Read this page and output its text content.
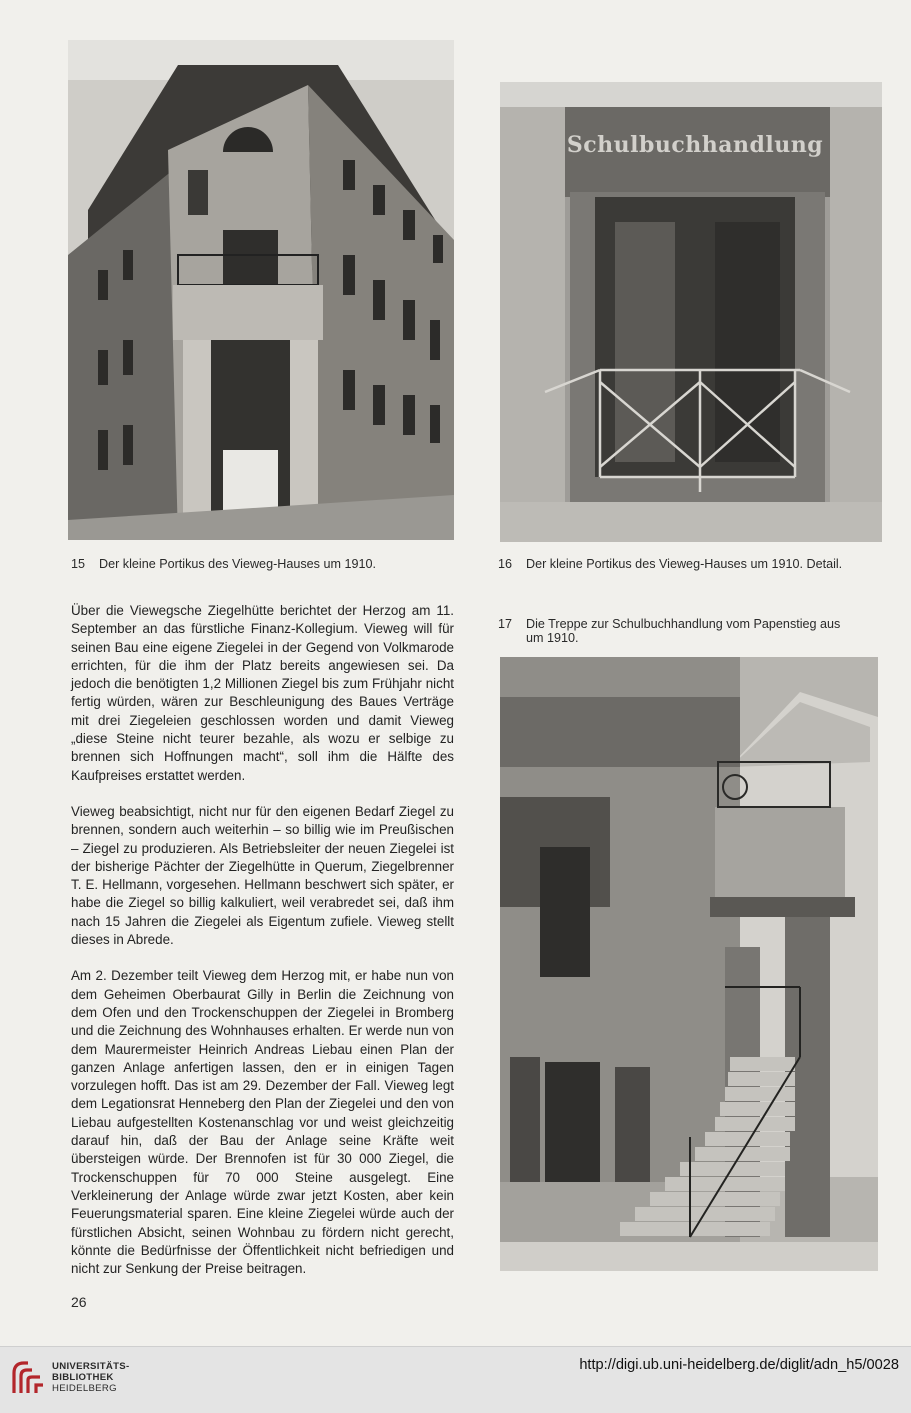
Schulbuchhandlung
15	Der kleine Portikus des Vieweg-Hauses um 1910.	16	Der kleine Portikus des Vieweg-Hauses um 1910. Detail.
17	Die Treppe zur Schulbuchhandlung vom Papenstieg aus um 1910.

Über die Viewegsche Ziegelhütte berichtet der Herzog am 11. September an das fürstliche Finanz-Kollegium. Vieweg will für seinen Bau eine eigene Ziegelei in der Gegend von Volkmarode errichten, für die ihm der Platz bereits angewiesen sei. Da jedoch die benötigten 1,2 Millionen Ziegel bis zum Frühjahr nicht fertig würden, wären zur Beschleunigung des Baues Verträge mit drei Ziegeleien geschlossen worden und damit Vieweg „diese Steine nicht teurer bezahle, als wozu er selbige zu brennen sich Hoffnungen macht“, soll ihm die Hälfte des Kaufpreises erstattet werden.

Vieweg beabsichtigt, nicht nur für den eigenen Bedarf Ziegel zu brennen, sondern auch weiterhin – so billig wie im Preußischen – Ziegel zu produzieren. Als Betriebsleiter der neuen Ziegelei ist der bisherige Pächter der Ziegelhütte in Querum, Ziegelbrenner T. E. Hellmann, vorgesehen. Hellmann beschwert sich später, er habe die Ziegel so billig kalkuliert, weil verabredet sei, daß ihm nach 15 Jahren die Ziegelei als Eigentum zufiele. Vieweg stellt dieses in Abrede.

Am 2. Dezember teilt Vieweg dem Herzog mit, er habe nun von dem Geheimen Oberbaurat Gilly in Berlin die Zeichnung von dem Ofen und den Trockenschuppen der Ziegelei in Bromberg und die Zeichnung des Wohnhauses erhalten. Er werde nun von dem Maurermeister Heinrich Andreas Liebau einen Plan der ganzen Anlage anfertigen lassen, den er in einigen Tagen vorzulegen hofft. Das ist am 29. Dezember der Fall. Vieweg legt dem Legationsrat Henneberg den Plan der Ziegelei und den von Liebau aufgestellten Kostenanschlag vor und weist gleichzeitig darauf hin, daß der Bau der Anlage seine Kräfte weit übersteigen würde. Der Brennofen ist für 30 000 Ziegel, die Trockenschuppen für 70 000 Steine ausgelegt. Eine Verkleinerung der Anlage würde zwar jetzt Kosten, aber kein Feuerungsmaterial sparen. Eine kleine Ziegelei würde auch der fürstlichen Absicht, seinen Wohnbau zu fördern nicht gerecht, könnte die Bedürfnisse der Öffentlichkeit nicht befriedigen und nicht zur Senkung der Preise beitragen.

26
UNIVERSITÄTS-
BIBLIOTHEK
HEIDELBERG
http://digi.ub.uni-heidelberg.de/diglit/adn_h5/0028
